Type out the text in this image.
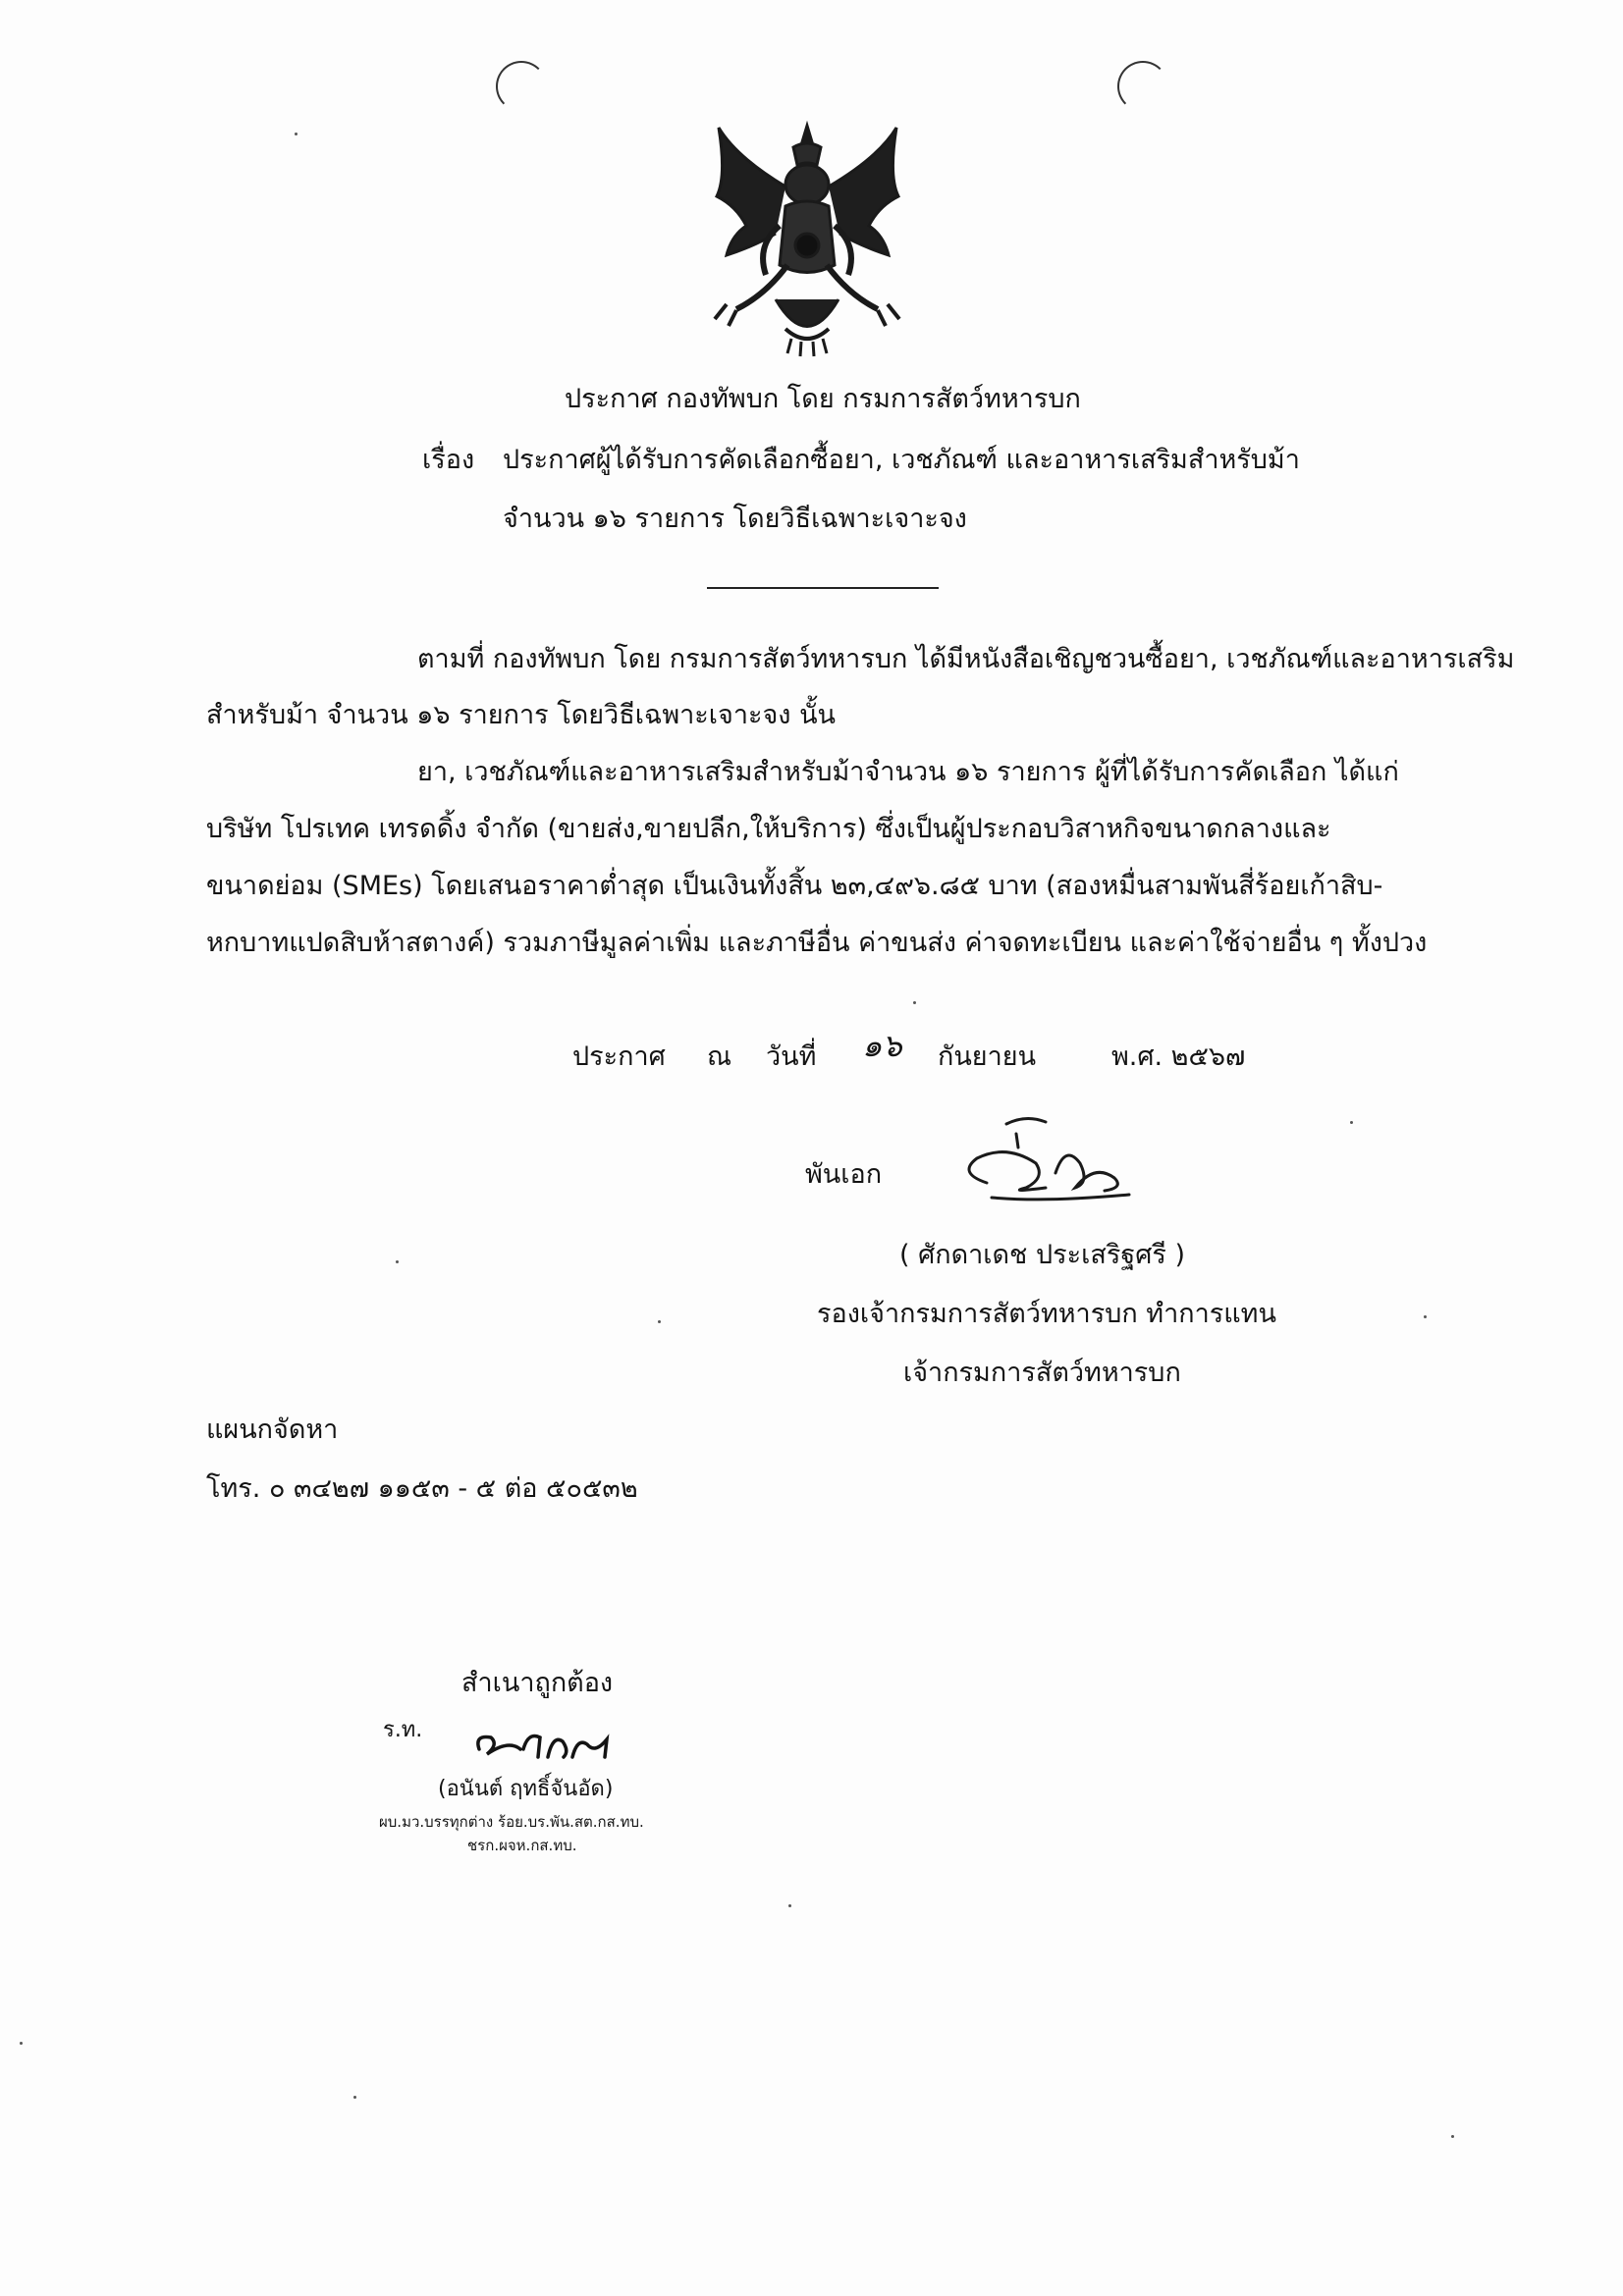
ประกาศ กองทัพบก โดย กรมการสัตว์ทหารบก
เรื่อง ประกาศผู้ได้รับการคัดเลือกซื้อยา, เวชภัณฑ์ และอาหารเสริมสำหรับม้า
จำนวน ๑๖ รายการ โดยวิธีเฉพาะเจาะจง
ตามที่ กองทัพบก โดย กรมการสัตว์ทหารบก ได้มีหนังสือเชิญชวนซื้อยา, เวชภัณฑ์และอาหารเสริม
สำหรับม้า จำนวน ๑๖ รายการ โดยวิธีเฉพาะเจาะจง นั้น
ยา, เวชภัณฑ์และอาหารเสริมสำหรับม้าจำนวน ๑๖ รายการ ผู้ที่ได้รับการคัดเลือก ได้แก่
บริษัท โปรเทค เทรดดิ้ง จำกัด (ขายส่ง,ขายปลีก,ให้บริการ) ซึ่งเป็นผู้ประกอบวิสาหกิจขนาดกลางและ
ขนาดย่อม (SMEs) โดยเสนอราคาต่ำสุด เป็นเงินทั้งสิ้น ๒๓,๔๙๖.๘๕ บาท (สองหมื่นสามพันสี่ร้อยเก้าสิบ-
หกบาทแปดสิบห้าสตางค์) รวมภาษีมูลค่าเพิ่ม และภาษีอื่น ค่าขนส่ง ค่าจดทะเบียน และค่าใช้จ่ายอื่น ๆ ทั้งปวง
ประกาศ ณ วันที่ ๑๖ กันยายน	พ.ศ. ๒๕๖๗
พันเอก
( ศักดาเดช ประเสริฐศรี )
รองเจ้ากรมการสัตว์ทหารบก ทำการแทน
เจ้ากรมการสัตว์ทหารบก
แผนกจัดหา
โทร. ๐ ๓๔๒๗ ๑๑๕๓ - ๕ ต่อ ๕๐๕๓๒
สำเนาถูกต้อง
ร.ท.
(อนันต์ ฤทธิ์จันอัด)
ผบ.มว.บรรทุกต่าง ร้อย.บร.พัน.สต.กส.ทบ.
ชรก.ผจห.กส.ทบ.
